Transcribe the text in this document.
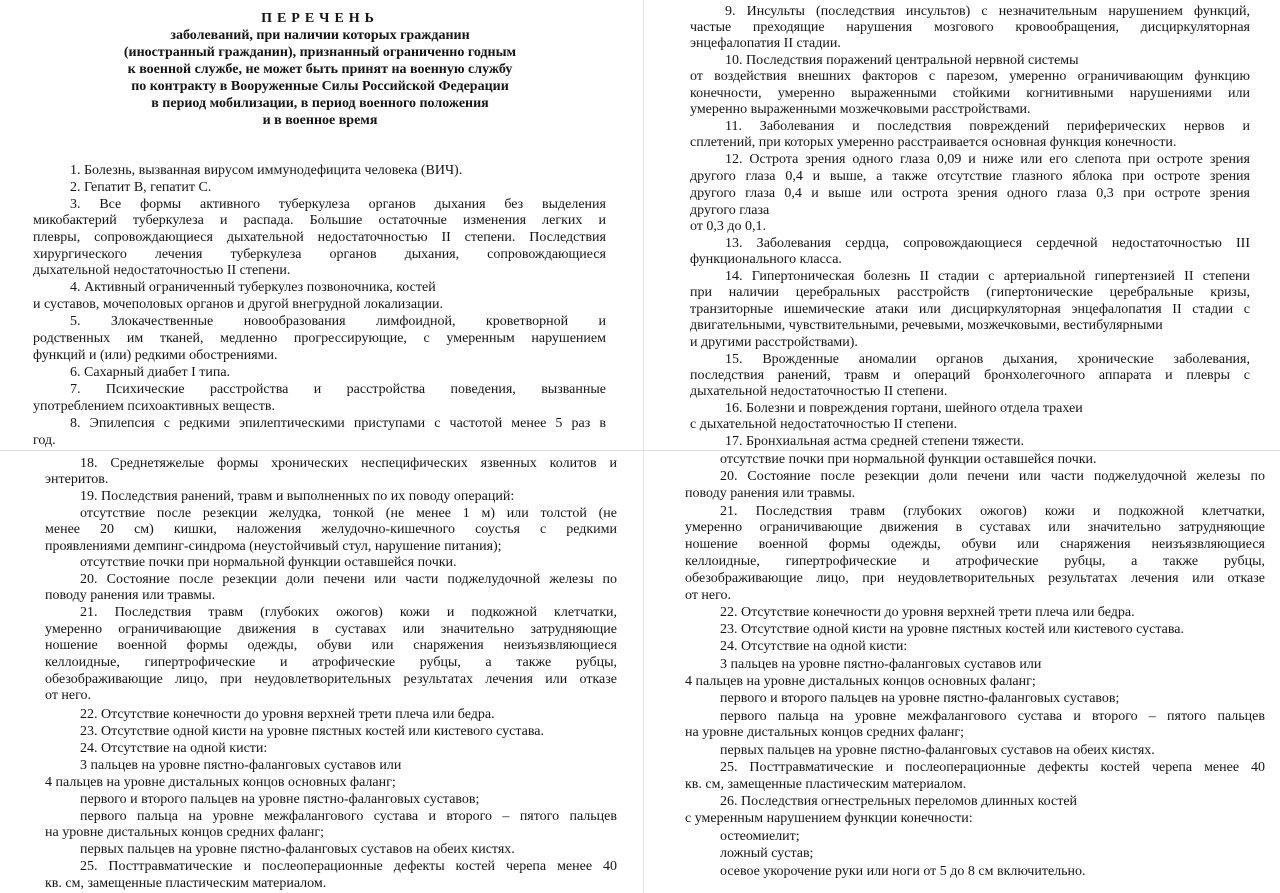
ПЕРЕЧЕНЬ
заболеваний, при наличии которых гражданин
(иностранный гражданин), признанный ограниченно годным
к военной службе, не может быть принят на военную службу
по контракту в Вооруженные Силы Российской Федерации
в период мобилизации, в период военного положения
и в военное время
1. Болезнь, вызванная вирусом иммунодефицита человека (ВИЧ).
2. Гепатит В, гепатит С.
3. Все формы активного туберкулеза органов дыхания без выделения
микобактерий туберкулеза и распада. Большие остаточные изменения легких и
плевры, сопровождающиеся дыхательной недостаточностью II степени. Последствия
хирургического лечения туберкулеза органов дыхания, сопровождающиеся
дыхательной недостаточностью II степени.
4. Активный ограниченный туберкулез позвоночника, костей
и суставов, мочеполовых органов и другой внегрудной локализации.
5. Злокачественные новообразования лимфоидной, кроветворной и
родственных им тканей, медленно прогрессирующие, с умеренным нарушением
функций и (или) редкими обострениями.
6. Сахарный диабет I типа.
7. Психические расстройства и расстройства поведения, вызванные
употреблением психоактивных веществ.
8. Эпилепсия с редкими эпилептическими приступами с частотой менее 5 раз в
год.
9. Инсульты (последствия инсультов) с незначительным нарушением функций,
частые преходящие нарушения мозгового кровообращения, дисциркуляторная
энцефалопатия II стадии.
10. Последствия поражений центральной нервной системы
от воздействия внешних факторов с парезом, умеренно ограничивающим функцию
конечности, умеренно выраженными стойкими когнитивными нарушениями или
умеренно выраженными мозжечковыми расстройствами.
11. Заболевания и последствия повреждений периферических нервов и
сплетений, при которых умеренно расстраивается основная функция конечности.
12. Острота зрения одного глаза 0,09 и ниже или его слепота при остроте зрения
другого глаза 0,4 и выше, а также отсутствие глазного яблока при остроте зрения
другого глаза 0,4 и выше или острота зрения одного глаза 0,3 при остроте зрения
другого глаза
от 0,3 до 0,1.
13. Заболевания сердца, сопровождающиеся сердечной недостаточностью III
функционального класса.
14. Гипертоническая болезнь II стадии с артериальной гипертензией II степени
при наличии церебральных расстройств (гипертонические церебральные кризы,
транзиторные ишемические атаки или дисциркуляторная энцефалопатия II стадии с
двигательными, чувствительными, речевыми, мозжечковыми, вестибулярными
и другими расстройствами).
15. Врожденные аномалии органов дыхания, хронические заболевания,
последствия ранений, травм и операций бронхолегочного аппарата и плевры с
дыхательной недостаточностью II степени.
16. Болезни и повреждения гортани, шейного отдела трахеи
с дыхательной недостаточностью II степени.
17. Бронхиальная астма средней степени тяжести.
18. Среднетяжелые формы хронических неспецифических язвенных колитов и
энтеритов.
19. Последствия ранений, травм и выполненных по их поводу операций:
отсутствие после резекции желудка, тонкой (не менее 1 м) или толстой (не
менее 20 см) кишки, наложения желудочно-кишечного соустья с редкими
проявлениями демпинг-синдрома (неустойчивый стул, нарушение питания);
отсутствие почки при нормальной функции оставшейся почки.
20. Состояние после резекции доли печени или части поджелудочной железы по
поводу ранения или травмы.
21. Последствия травм (глубоких ожогов) кожи и подкожной клетчатки,
умеренно ограничивающие движения в суставах или значительно затрудняющие
ношение военной формы одежды, обуви или снаряжения неизъязвляющиеся
келлоидные, гипертрофические и атрофические рубцы, а также рубцы,
обезображивающие лицо, при неудовлетворительных результатах лечения или отказе
от него.
22. Отсутствие конечности до уровня верхней трети плеча или бедра.
23. Отсутствие одной кисти на уровне пястных костей или кистевого сустава.
24. Отсутствие на одной кисти:
3 пальцев на уровне пястно-фаланговых суставов или
4 пальцев на уровне дистальных концов основных фаланг;
первого и второго пальцев на уровне пястно-фаланговых суставов;
первого пальца на уровне межфалангового сустава и второго – пятого пальцев
на уровне дистальных концов средних фаланг;
первых пальцев на уровне пястно-фаланговых суставов на обеих кистях.
25. Посттравматические и послеоперационные дефекты костей черепа менее 40
кв. см, замещенные пластическим материалом.
отсутствие почки при нормальной функции оставшейся почки.
20. Состояние после резекции доли печени или части поджелудочной железы по
поводу ранения или травмы.
21. Последствия травм (глубоких ожогов) кожи и подкожной клетчатки,
умеренно ограничивающие движения в суставах или значительно затрудняющие
ношение военной формы одежды, обуви или снаряжения неизъязвляющиеся
келлоидные, гипертрофические и атрофические рубцы, а также рубцы,
обезображивающие лицо, при неудовлетворительных результатах лечения или отказе
от него.
22. Отсутствие конечности до уровня верхней трети плеча или бедра.
23. Отсутствие одной кисти на уровне пястных костей или кистевого сустава.
24. Отсутствие на одной кисти:
3 пальцев на уровне пястно-фаланговых суставов или
4 пальцев на уровне дистальных концов основных фаланг;
первого и второго пальцев на уровне пястно-фаланговых суставов;
первого пальца на уровне межфалангового сустава и второго – пятого пальцев
на уровне дистальных концов средних фаланг;
первых пальцев на уровне пястно-фаланговых суставов на обеих кистях.
25. Посттравматические и послеоперационные дефекты костей черепа менее 40
кв. см, замещенные пластическим материалом.
26. Последствия огнестрельных переломов длинных костей
с умеренным нарушением функции конечности:
остеомиелит;
ложный сустав;
осевое укорочение руки или ноги от 5 до 8 см включительно.
